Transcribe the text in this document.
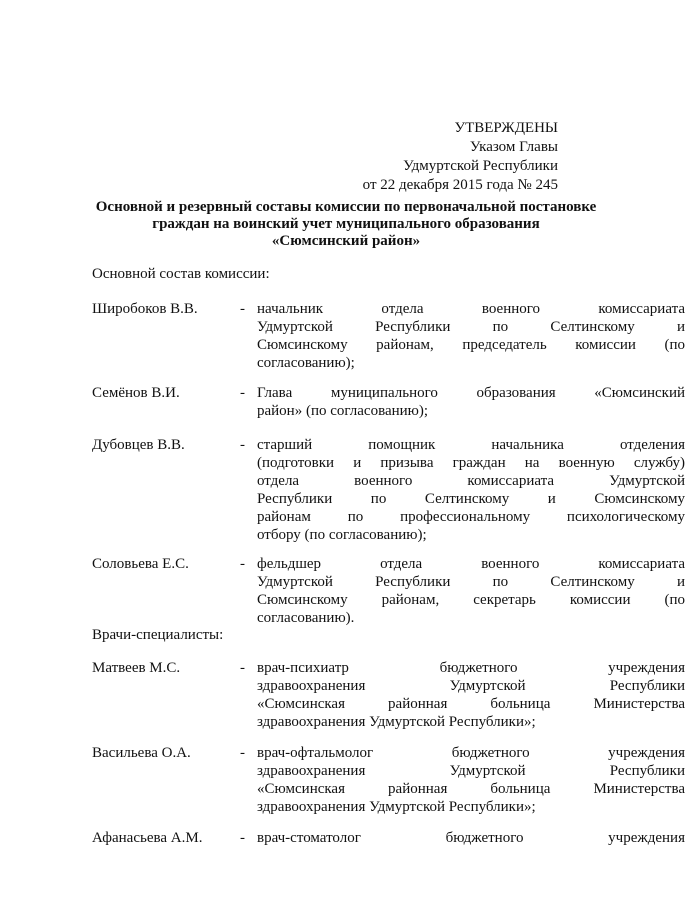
УТВЕРЖДЕНЫ
Указом Главы
Удмуртской Республики
от 22 декабря 2015 года № 245
Основной и резервный составы комиссии по первоначальной постановке
граждан на воинский учет муниципального образования
«Сюмсинский район»
Основной состав комиссии:
Широбоков В.В.	- начальник отдела военного комиссариата
Удмуртской Республики по Селтинскому и
Сюмсинскому районам, председатель комиссии (по
согласованию);
Семёнов В.И.	- Глава муниципального образования «Сюмсинский
район» (по согласованию);
Дубовцев В.В.	- старший помощник начальника отделения
(подготовки и призыва граждан на военную службу)
отдела военного комиссариата Удмуртской
Республики по Селтинскому и Сюмсинскому
районам по профессиональному психологическому
отбору (по согласованию);
Соловьева Е.С.	- фельдшер отдела военного комиссариата
Удмуртской Республики по Селтинскому и
Сюмсинскому районам, секретарь комиссии (по
согласованию).
Врачи-специалисты:
Матвеев М.С.	- врач-психиатр бюджетного учреждения
здравоохранения Удмуртской Республики
«Сюмсинская районная больница Министерства
здравоохранения Удмуртской Республики»;
Васильева О.А.	- врач-офтальмолог бюджетного учреждения
здравоохранения Удмуртской Республики
«Сюмсинская районная больница Министерства
здравоохранения Удмуртской Республики»;
Афанасьева А.М.	- врач-стоматолог бюджетного учреждения
